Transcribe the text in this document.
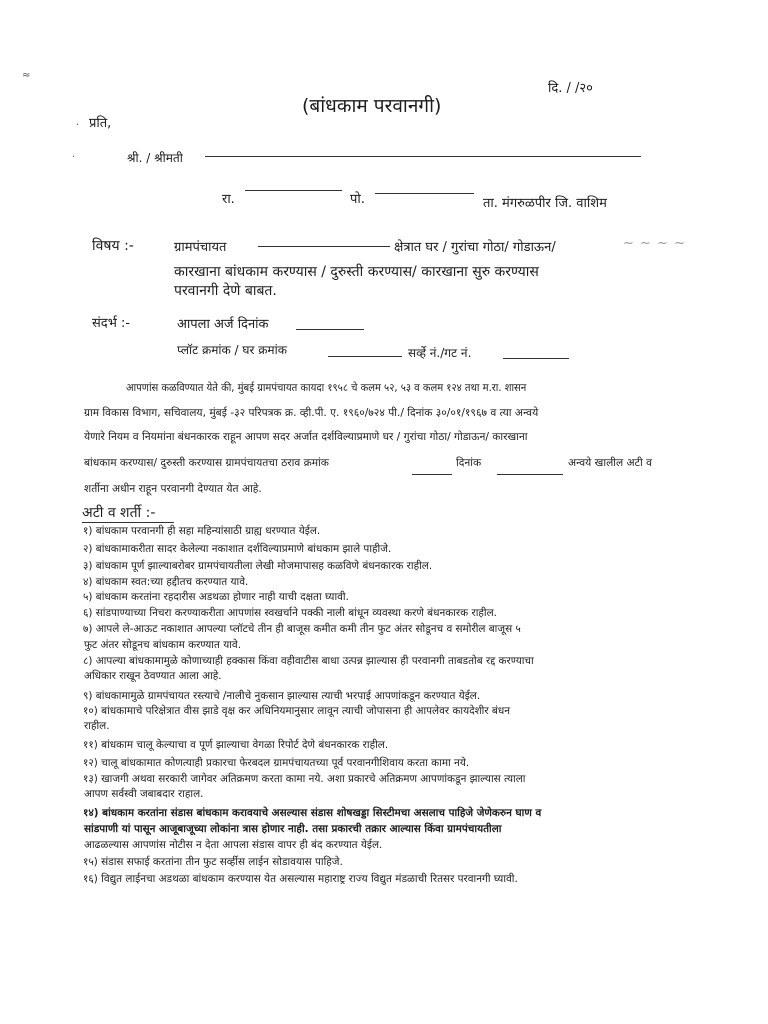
≈
·
·
दि. / /२०
(बांधकाम परवानगी)
प्रति,
श्री. / श्रीमती
रा.	पो.	ता. मंगरुळपीर जि. वाशिम
विषय :-	ग्रामपंचायत	क्षेत्रात घर / गुरांचा गोठा/ गोडाऊन/	~ ~ ~ ~
कारखाना बांधकाम करण्यास / दुरुस्ती करण्यास/ कारखाना सुरु करण्यास
परवानगी देणे बाबत.
संदर्भ :-	आपला अर्ज दिनांक
प्लॉट क्रमांक / घर क्रमांक	सर्व्हे नं./गट नं.
आपणांस कळविण्यात येते की, मुंबई ग्रामपंचायत कायदा १९५८ चे कलम ५२, ५३ व कलम १२४ तथा म.रा. शासन
ग्राम विकास विभाग, सचिवालय, मुंबई -३२ परिपत्रक क्र. व्ही.पी. ए. १९६०/७२४ पी./ दिनांक ३०/०१/१९६७ व त्या अन्वये
येणारे नियम व नियमांना बंधनकारक राहून आपण सदर अर्जात दर्शविल्याप्रमाणे घर / गुरांचा गोठा/ गोडाऊन/ कारखाना
बांधकाम करण्यास/ दुरुस्ती करण्यास ग्रामपंचायतचा ठराव क्रमांक	दिनांक	अन्वये खालील अटी व
शर्तीना अधीन राहून परवानगी देण्यात येत आहे.
अटी व शर्ती :-
१) बांधकाम परवानगी ही सहा महिन्यांसाठी ग्राह्य धरण्यात येईल.
२) बांधकामाकरीता सादर केलेल्या नकाशात दर्शविल्याप्रमाणे बांधकाम झाले पाहीजे.
३) बांधकाम पूर्ण झाल्याबरोबर ग्रामपंचायतीला लेखी मोजमापासह कळविणे बंधनकारक राहील.
४) बांधकाम स्वत:च्या हद्दीतच करण्यात यावे.
५) बांधकाम करतांना रहदारीस अडथळा होणार नाही याची दक्षता घ्यावी.
६) सांडपाण्याच्या निचरा करण्याकरीता आपणांस स्वखर्चाने पक्की नाली बांधून व्यवस्था करणे बंधनकारक राहील.
७) आपले ले-आऊट नकाशात आपल्या प्लॉटचे तीन ही बाजूस कमीत कमी तीन फुट अंतर सोडूनच व समोरील बाजूस ५
फुट अंतर सोडूनच बांधकाम करण्यात यावे.
८) आपल्या बांधकामामुळे कोणाच्याही हक्कास किंवा वहीवाटीस बाधा उत्पन्न झाल्यास ही परवानगी ताबडतोब रद्द करण्याचा
अधिकार राखून ठेवण्यात आला आहे.
९) बांधकामामुळे ग्रामपंचायत रस्त्याचे /नालीचे नुकसान झाल्यास त्याची भरपाई आपणांकडून करण्यात येईल.
१०) बांधकामाचे परिक्षेत्रात वीस झाडे वृक्ष कर अधिनियमानुसार लावून त्याची जोपासना ही आपलेवर कायदेशीर बंधन
राहील.
११) बांधकाम चालू केल्याचा व पूर्ण झाल्याचा वेगळा रिपोर्ट देणे बंधनकारक राहील.
१२) चालू बांधकामात कोणत्याही प्रकारचा फेरबदल ग्रामपंचायतच्या पूर्व परवानगीशिवाय करता कामा नये.
१३) खाजगी अथवा सरकारी जागेवर अतिक्रमण करता कामा नये. अशा प्रकारचे अतिक्रमण आपणांकडून झाल्यास त्याला
आपण सर्वस्वी जबाबदार राहाल.
१४) बांधकाम करतांना संडास बांधकाम करावयाचे असल्यास संडास शोषखड्डा सिस्टीमचा असलाच पाहिजे जेणेकरुन घाण व
सांडपाणी यां पासून आजूबाजूच्या लोकांना त्रास होणार नाही. तसा प्रकारची तक्रार आल्यास किंवा ग्रामपंचायतीला
आढळल्यास आपणांस नोटीस न देता आपला संडास वापर ही बंद करण्यात येईल.
१५) संडास सफाई करतांना तीन फुट सर्व्हीस लाईन सोडावयास पाहिजे.
१६) विद्युत लाईनचा अडथळा बांधकाम करण्यास येत असल्यास महाराष्ट्र राज्य विद्युत मंडळाची रितसर परवानगी घ्यावी.
